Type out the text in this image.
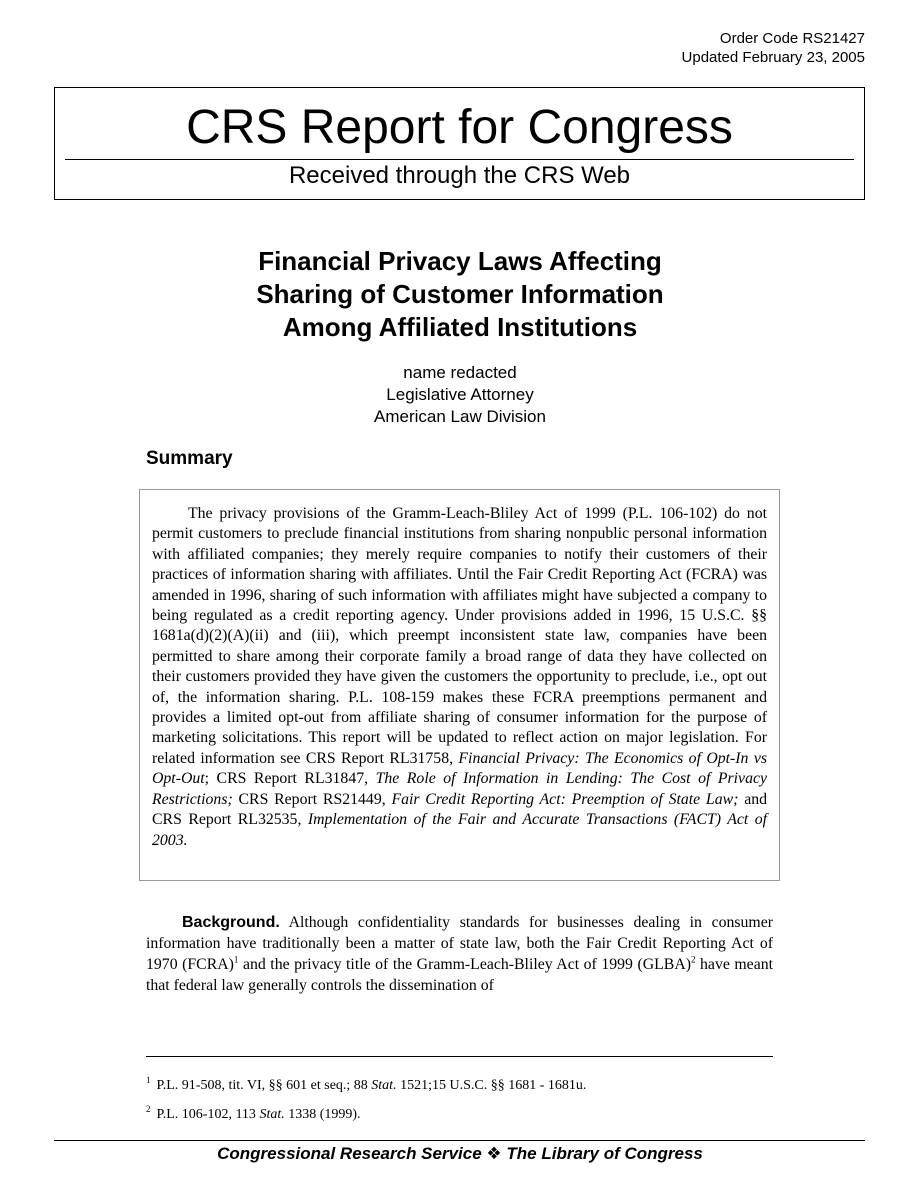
Order Code RS21427
Updated February 23, 2005
CRS Report for Congress
Received through the CRS Web
Financial Privacy Laws Affecting
Sharing of Customer Information
Among Affiliated Institutions
name redacted
Legislative Attorney
American Law Division
Summary

The privacy provisions of the Gramm-Leach-Bliley Act of 1999 (P.L. 106-102) do not permit customers to preclude financial institutions from sharing nonpublic personal information with affiliated companies; they merely require companies to notify their customers of their practices of information sharing with affiliates. Until the Fair Credit Reporting Act (FCRA) was amended in 1996, sharing of such information with affiliates might have subjected a company to being regulated as a credit reporting agency. Under provisions added in 1996, 15 U.S.C. §§ 1681a(d)(2)(A)(ii) and (iii), which preempt inconsistent state law, companies have been permitted to share among their corporate family a broad range of data they have collected on their customers provided they have given the customers the opportunity to preclude, i.e., opt out of, the information sharing. P.L. 108-159 makes these FCRA preemptions permanent and provides a limited opt-out from affiliate sharing of consumer information for the purpose of marketing solicitations. This report will be updated to reflect action on major legislation. For related information see CRS Report RL31758, Financial Privacy: The Economics of Opt-In vs Opt-Out; CRS Report RL31847, The Role of Information in Lending: The Cost of Privacy Restrictions; CRS Report RS21449, Fair Credit Reporting Act: Preemption of State Law; and CRS Report RL32535, Implementation of the Fair and Accurate Transactions (FACT) Act of 2003.

Background. Although confidentiality standards for businesses dealing in consumer information have traditionally been a matter of state law, both the Fair Credit Reporting Act of 1970 (FCRA)$^1$ and the privacy title of the Gramm-Leach-Bliley Act of 1999 (GLBA)$^2$ have meant that federal law generally controls the dissemination of

$^1$ P.L. 91-508, tit. VI, §§ 601 et seq.; 88 Stat. 1521;15 U.S.C. §§ 1681 - 1681u.
$^2$ P.L. 106-102, 113 Stat. 1338 (1999).
Congressional Research Service ❖ The Library of Congress
